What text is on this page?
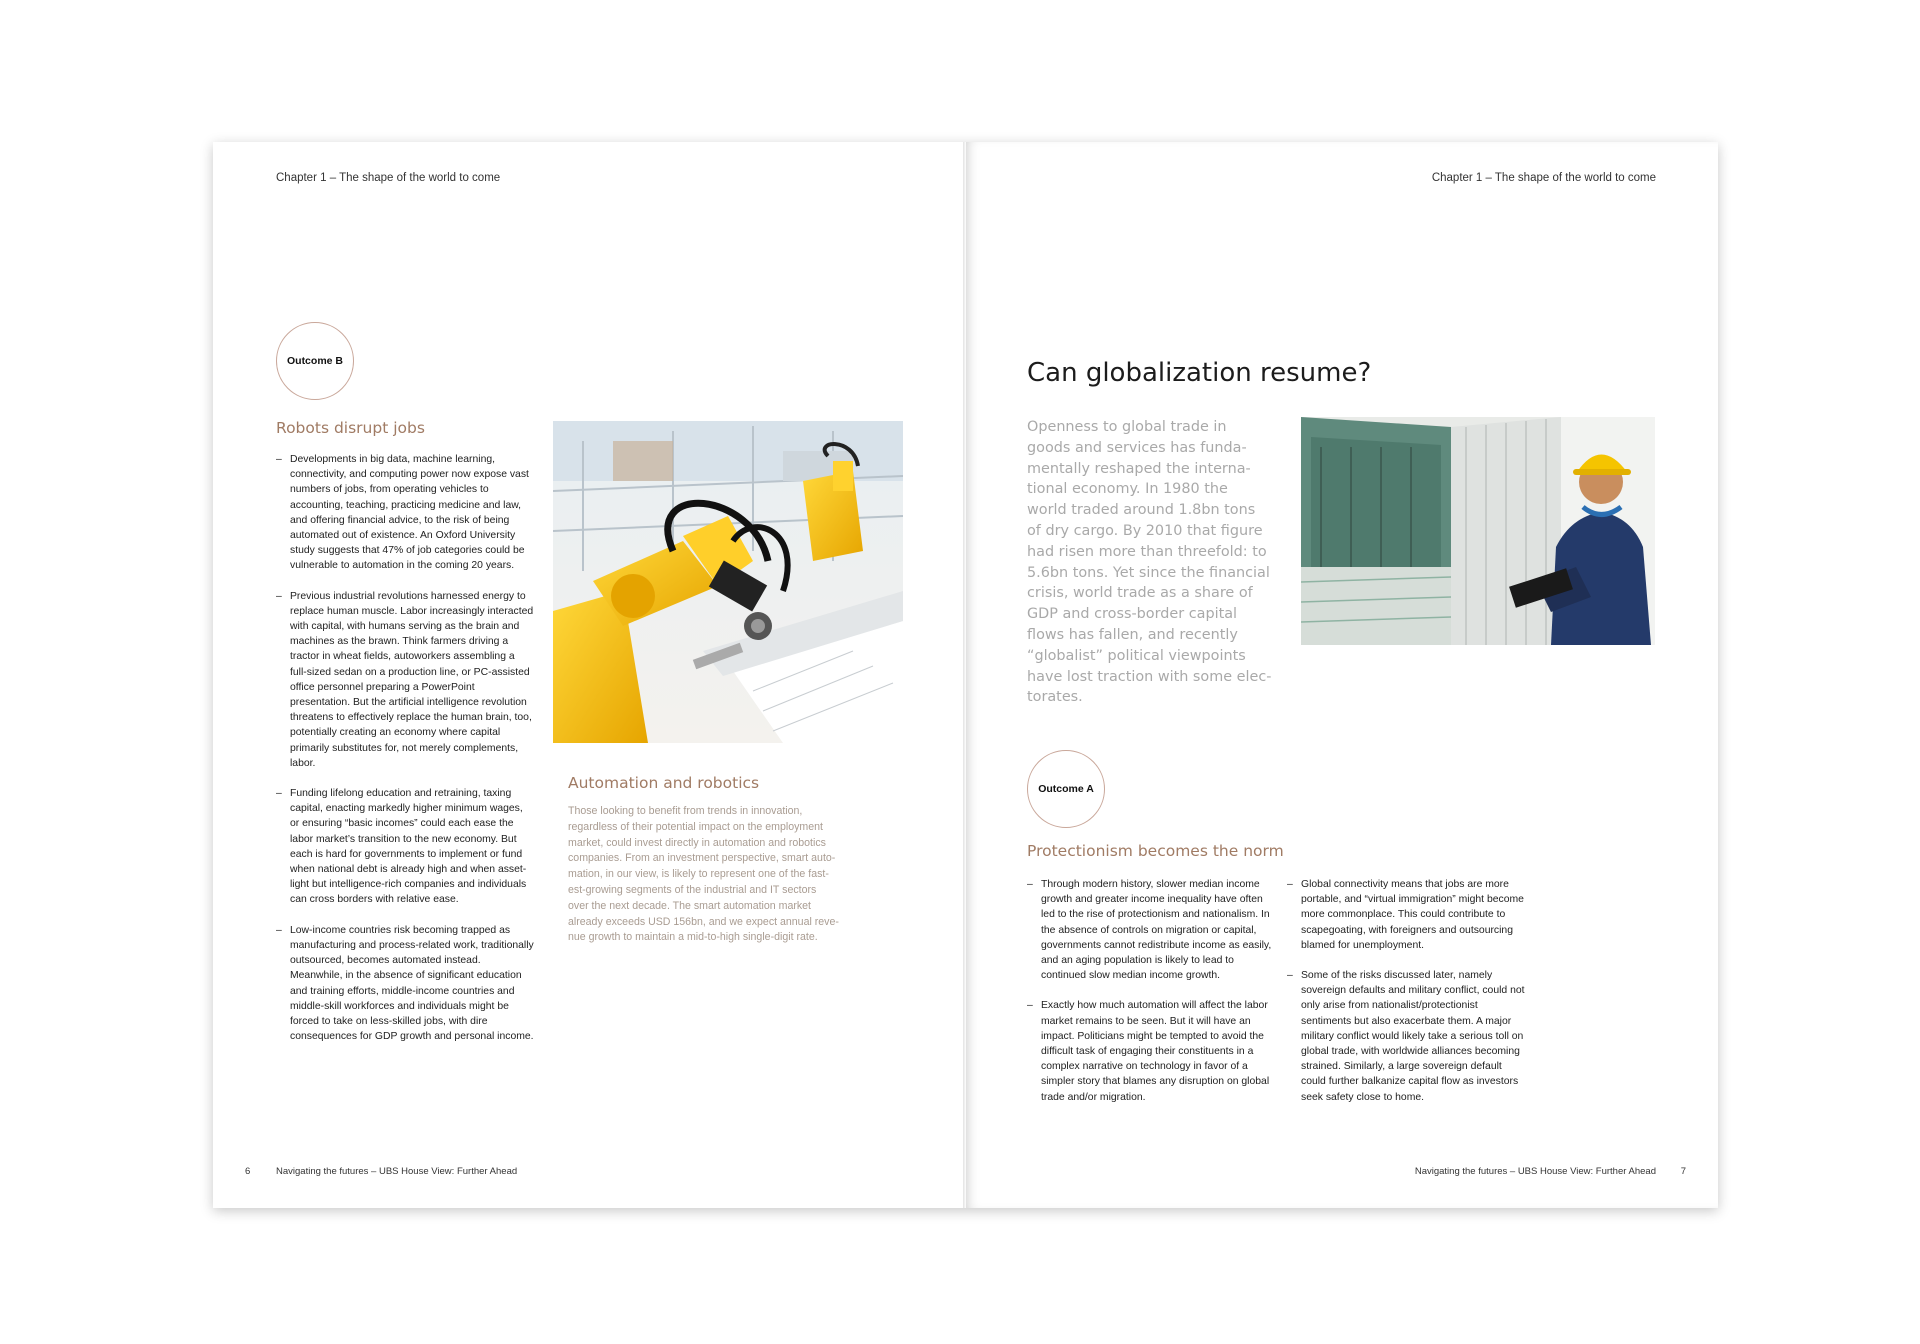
Chapter 1 – The shape of the world to come
Outcome B
Robots disrupt jobs
– Developments in big data, machine learning, connectivity, and computing power now expose vast numbers of jobs, from operating vehicles to accounting, teaching, practicing medicine and law, and offering financial advice, to the risk of being automated out of existence. An Oxford University study suggests that 47% of job categories could be vulnerable to automation in the coming 20 years.
– Previous industrial revolutions harnessed energy to replace human muscle. Labor increasingly interacted with capital, with humans serving as the brain and machines as the brawn. Think farmers driving a tractor in wheat fields, autoworkers assembling a full-sized sedan on a production line, or PC-assisted office personnel preparing a PowerPoint presentation. But the artificial intelligence revolution threatens to effectively replace the human brain, too, potentially creating an economy where capital primarily substitutes for, not merely complements, labor.
– Funding lifelong education and retraining, taxing capital, enacting markedly higher minimum wages, or ensuring “basic incomes” could each ease the labor market’s transition to the new economy. But each is hard for governments to implement or fund when national debt is already high and when asset-light but intelligence-rich companies and individuals can cross borders with relative ease.
– Low-income countries risk becoming trapped as manufacturing and process-related work, traditionally outsourced, becomes automated instead. Meanwhile, in the absence of significant education and training efforts, middle-income countries and middle-skill workforces and individuals might be forced to take on less-skilled jobs, with dire consequences for GDP growth and personal income.
Automation and robotics
Those looking to benefit from trends in innovation,
regardless of their potential impact on the employment
market, could invest directly in automation and robotics
companies. From an investment perspective, smart auto-
mation, in our view, is likely to represent one of the fast-
est-growing segments of the industrial and IT sectors
over the next decade. The smart automation market
already exceeds USD 156bn, and we expect annual reve-
nue growth to maintain a mid-to-high single-digit rate.
6	Navigating the futures – UBS House View: Further Ahead
Chapter 1 – The shape of the world to come
Can globalization resume?
Openness to global trade in
goods and services has funda-
mentally reshaped the interna-
tional economy. In 1980 the
world traded around 1.8bn tons
of dry cargo. By 2010 that figure
had risen more than threefold: to
5.6bn tons. Yet since the financial
crisis, world trade as a share of
GDP and cross-border capital
flows has fallen, and recently
“globalist” political viewpoints
have lost traction with some elec-
torates.
Outcome A
Protectionism becomes the norm
– Through modern history, slower median income growth and greater income inequality have often led to the rise of protectionism and nationalism. In the absence of controls on migration or capital, governments cannot redistribute income as easily, and an aging population is likely to lead to continued slow median income growth.
– Exactly how much automation will affect the labor market remains to be seen. But it will have an impact. Politicians might be tempted to avoid the difficult task of engaging their constituents in a complex narrative on technology in favor of a simpler story that blames any disruption on global trade and/or migration.
– Global connectivity means that jobs are more portable, and “virtual immigration” might become more commonplace. This could contribute to scapegoating, with foreigners and outsourcing blamed for unemployment.
– Some of the risks discussed later, namely sovereign defaults and military conflict, could not only arise from nationalist/protectionist sentiments but also exacerbate them. A major military conflict would likely take a serious toll on global trade, with worldwide alliances becoming strained. Similarly, a large sovereign default could further balkanize capital flow as investors seek safety close to home.
Navigating the futures – UBS House View: Further Ahead	7
